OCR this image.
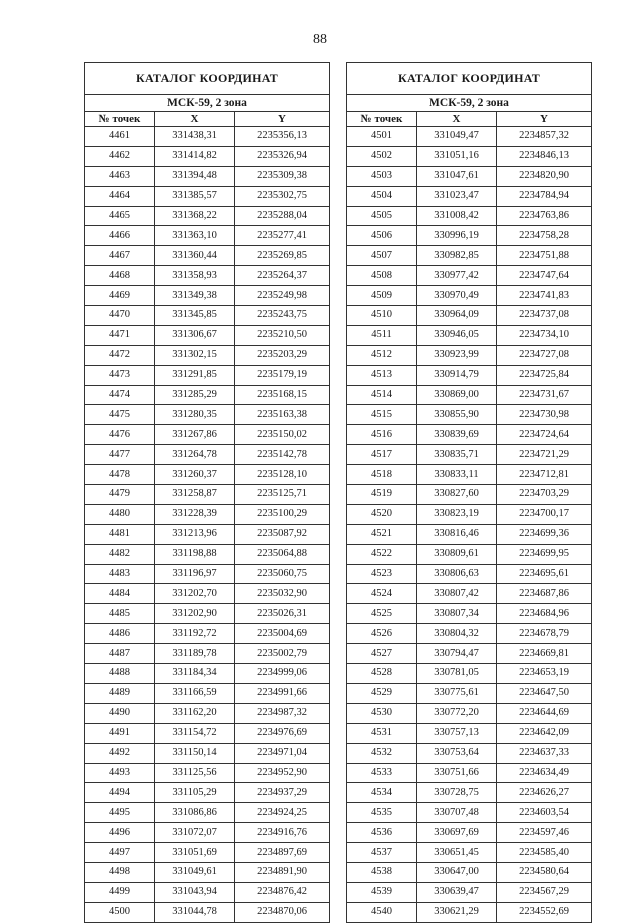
88
КАТАЛОГ КООРДИНАТ		
МСК-59, 2 зона		
№ точек	X	Y
4461	331438,31	2235356,13
4462	331414,82	2235326,94
4463	331394,48	2235309,38
4464	331385,57	2235302,75
4465	331368,22	2235288,04
4466	331363,10	2235277,41
4467	331360,44	2235269,85
4468	331358,93	2235264,37
4469	331349,38	2235249,98
4470	331345,85	2235243,75
4471	331306,67	2235210,50
4472	331302,15	2235203,29
4473	331291,85	2235179,19
4474	331285,29	2235168,15
4475	331280,35	2235163,38
4476	331267,86	2235150,02
4477	331264,78	2235142,78
4478	331260,37	2235128,10
4479	331258,87	2235125,71
4480	331228,39	2235100,29
4481	331213,96	2235087,92
4482	331198,88	2235064,88
4483	331196,97	2235060,75
4484	331202,70	2235032,90
4485	331202,90	2235026,31
4486	331192,72	2235004,69
4487	331189,78	2235002,79
4488	331184,34	2234999,06
4489	331166,59	2234991,66
4490	331162,20	2234987,32
4491	331154,72	2234976,69
4492	331150,14	2234971,04
4493	331125,56	2234952,90
4494	331105,29	2234937,29
4495	331086,86	2234924,25
4496	331072,07	2234916,76
4497	331051,69	2234897,69
4498	331049,61	2234891,90
4499	331043,94	2234876,42
4500	331044,78	2234870,06
КАТАЛОГ КООРДИНАТ		
МСК-59, 2 зона		
№ точек	X	Y
4501	331049,47	2234857,32
4502	331051,16	2234846,13
4503	331047,61	2234820,90
4504	331023,47	2234784,94
4505	331008,42	2234763,86
4506	330996,19	2234758,28
4507	330982,85	2234751,88
4508	330977,42	2234747,64
4509	330970,49	2234741,83
4510	330964,09	2234737,08
4511	330946,05	2234734,10
4512	330923,99	2234727,08
4513	330914,79	2234725,84
4514	330869,00	2234731,67
4515	330855,90	2234730,98
4516	330839,69	2234724,64
4517	330835,71	2234721,29
4518	330833,11	2234712,81
4519	330827,60	2234703,29
4520	330823,19	2234700,17
4521	330816,46	2234699,36
4522	330809,61	2234699,95
4523	330806,63	2234695,61
4524	330807,42	2234687,86
4525	330807,34	2234684,96
4526	330804,32	2234678,79
4527	330794,47	2234669,81
4528	330781,05	2234653,19
4529	330775,61	2234647,50
4530	330772,20	2234644,69
4531	330757,13	2234642,09
4532	330753,64	2234637,33
4533	330751,66	2234634,49
4534	330728,75	2234626,27
4535	330707,48	2234603,54
4536	330697,69	2234597,46
4537	330651,45	2234585,40
4538	330647,00	2234580,64
4539	330639,47	2234567,29
4540	330621,29	2234552,69
